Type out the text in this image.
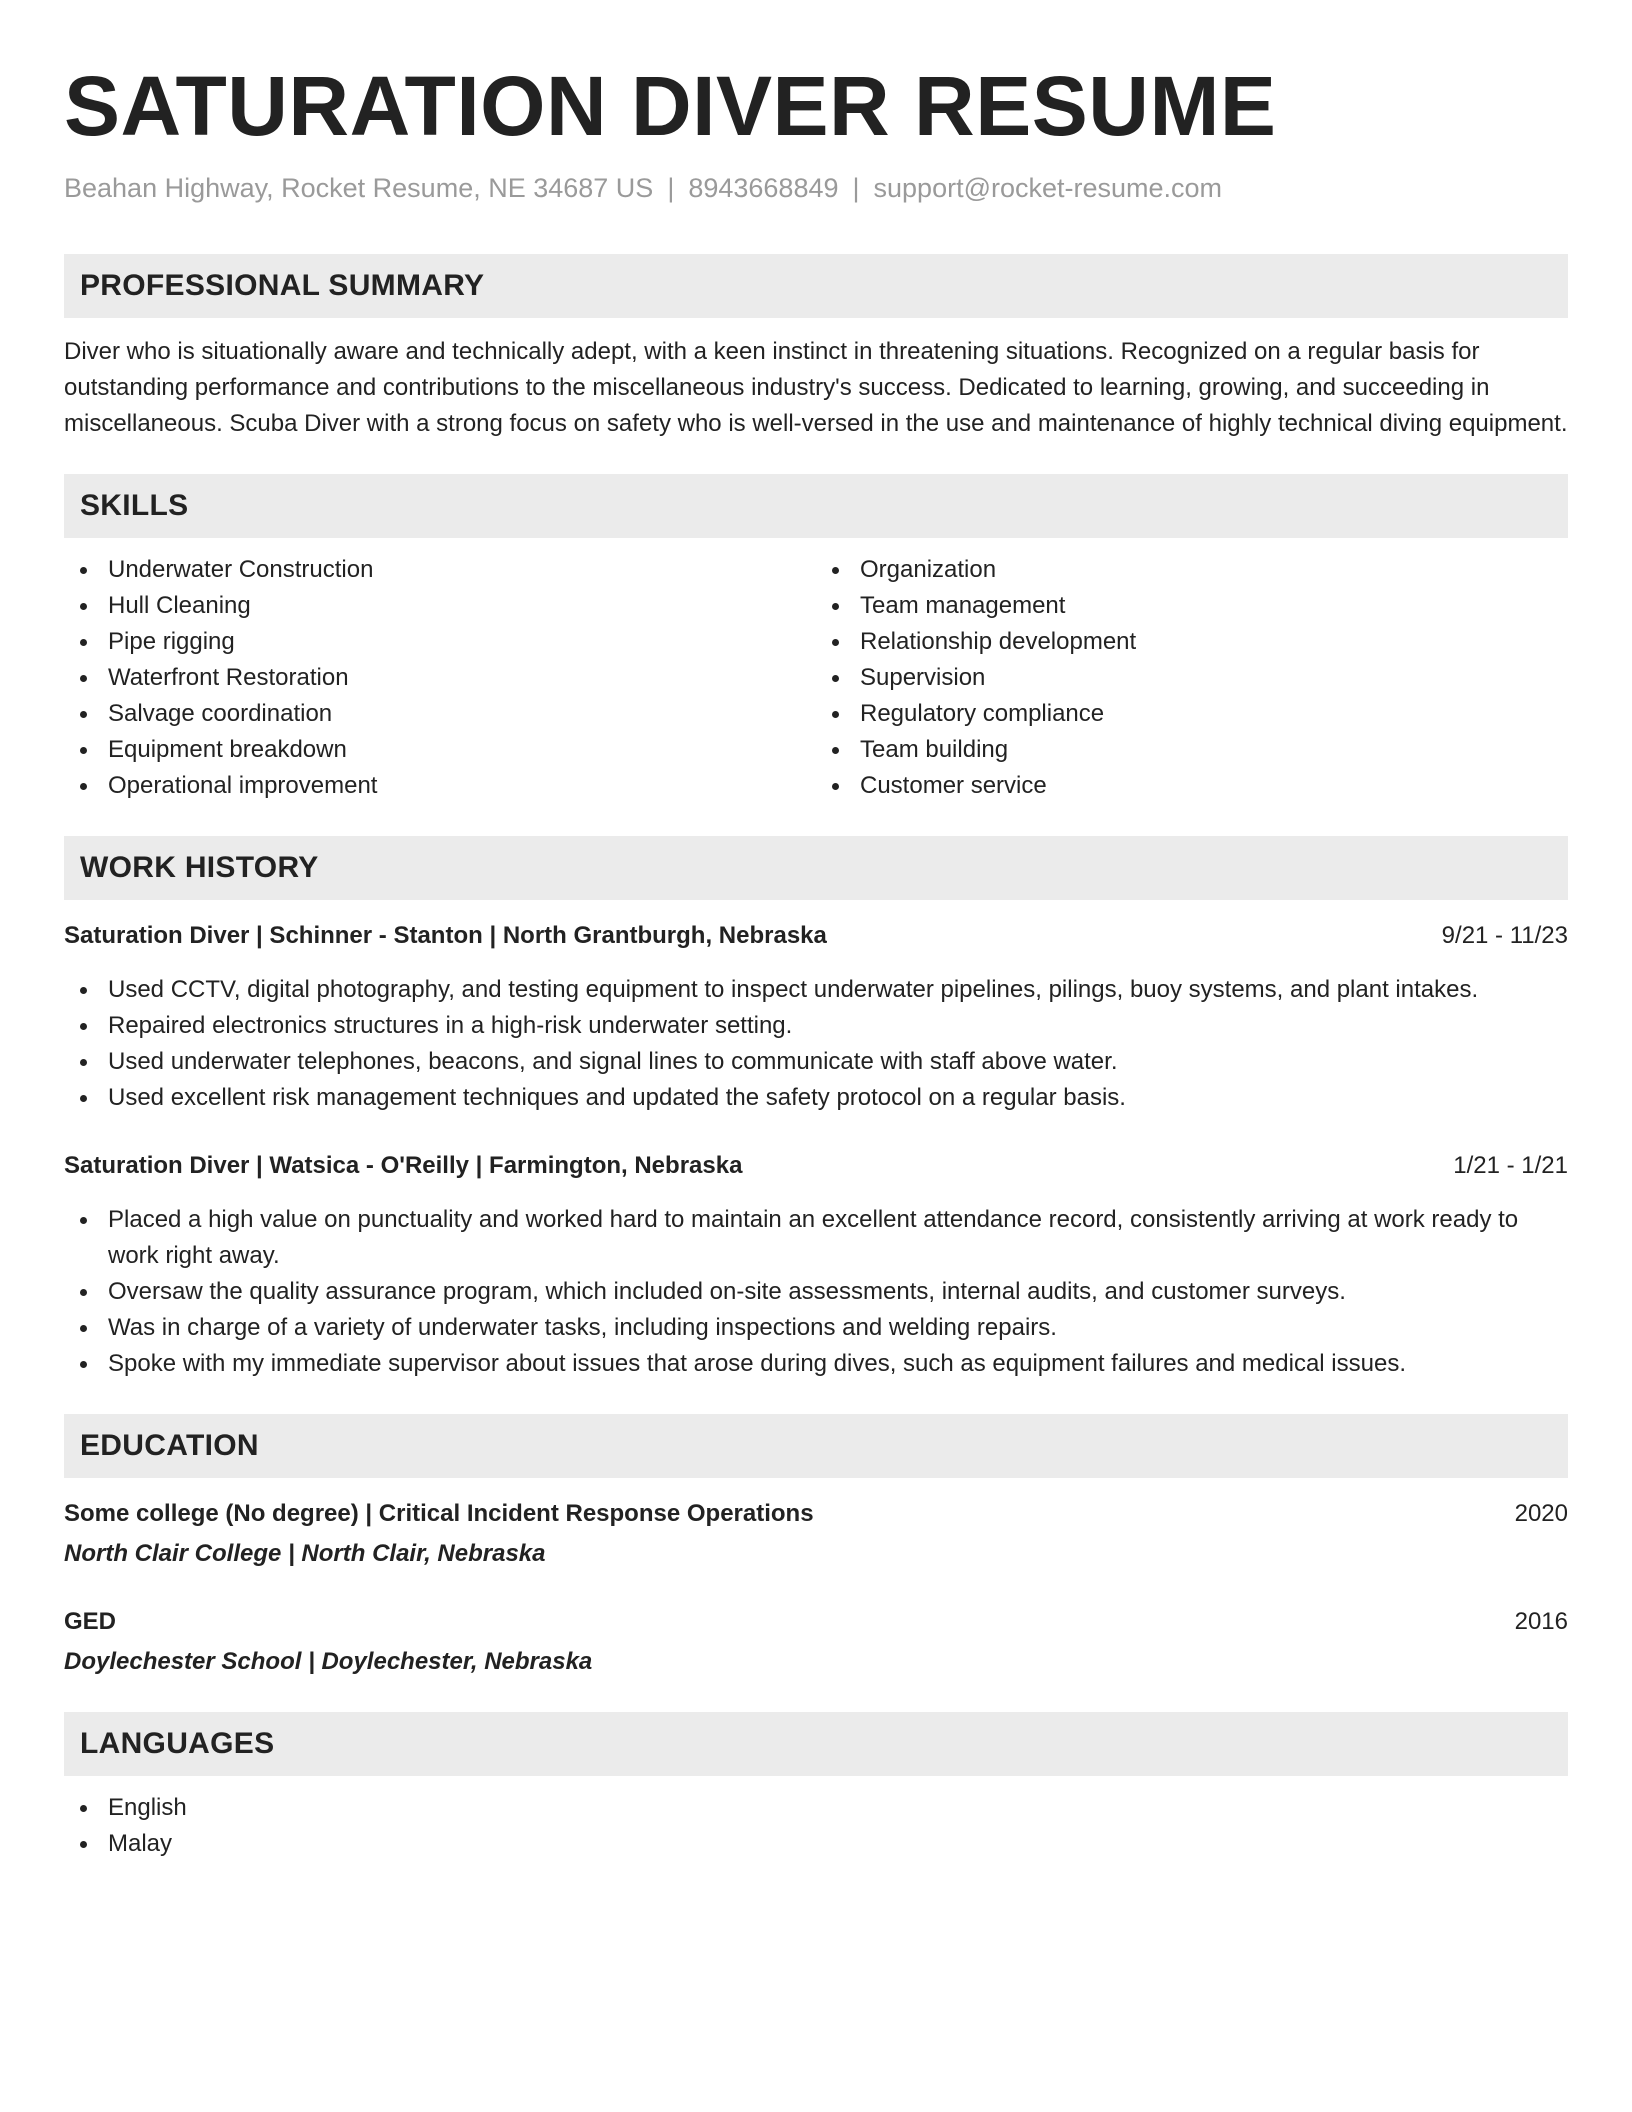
SATURATION DIVER RESUME
Beahan Highway, Rocket Resume, NE 34687 US | 8943668849 | support@rocket-resume.com
PROFESSIONAL SUMMARY

Diver who is situationally aware and technically adept, with a keen instinct in threatening situations. Recognized on a regular basis for outstanding performance and contributions to the miscellaneous industry's success. Dedicated to learning, growing, and succeeding in miscellaneous. Scuba Diver with a strong focus on safety who is well-versed in the use and maintenance of highly technical diving equipment.

SKILLS
Underwater Construction
Hull Cleaning
Pipe rigging
Waterfront Restoration
Salvage coordination
Equipment breakdown
Operational improvement
Organization
Team management
Relationship development
Supervision
Regulatory compliance
Team building
Customer service
WORK HISTORY
Saturation Diver | Schinner - Stanton | North Grantburgh, Nebraska	9/21 - 11/23
Used CCTV, digital photography, and testing equipment to inspect underwater pipelines, pilings, buoy systems, and plant intakes.
Repaired electronics structures in a high-risk underwater setting.
Used underwater telephones, beacons, and signal lines to communicate with staff above water.
Used excellent risk management techniques and updated the safety protocol on a regular basis.
Saturation Diver | Watsica - O'Reilly | Farmington, Nebraska	1/21 - 1/21
Placed a high value on punctuality and worked hard to maintain an excellent attendance record, consistently arriving at work ready to work right away.
Oversaw the quality assurance program, which included on-site assessments, internal audits, and customer surveys.
Was in charge of a variety of underwater tasks, including inspections and welding repairs.
Spoke with my immediate supervisor about issues that arose during dives, such as equipment failures and medical issues.
EDUCATION
Some college (No degree) | Critical Incident Response Operations	2020
North Clair College | North Clair, Nebraska
GED	2016
Doylechester School | Doylechester, Nebraska
LANGUAGES
English
Malay
